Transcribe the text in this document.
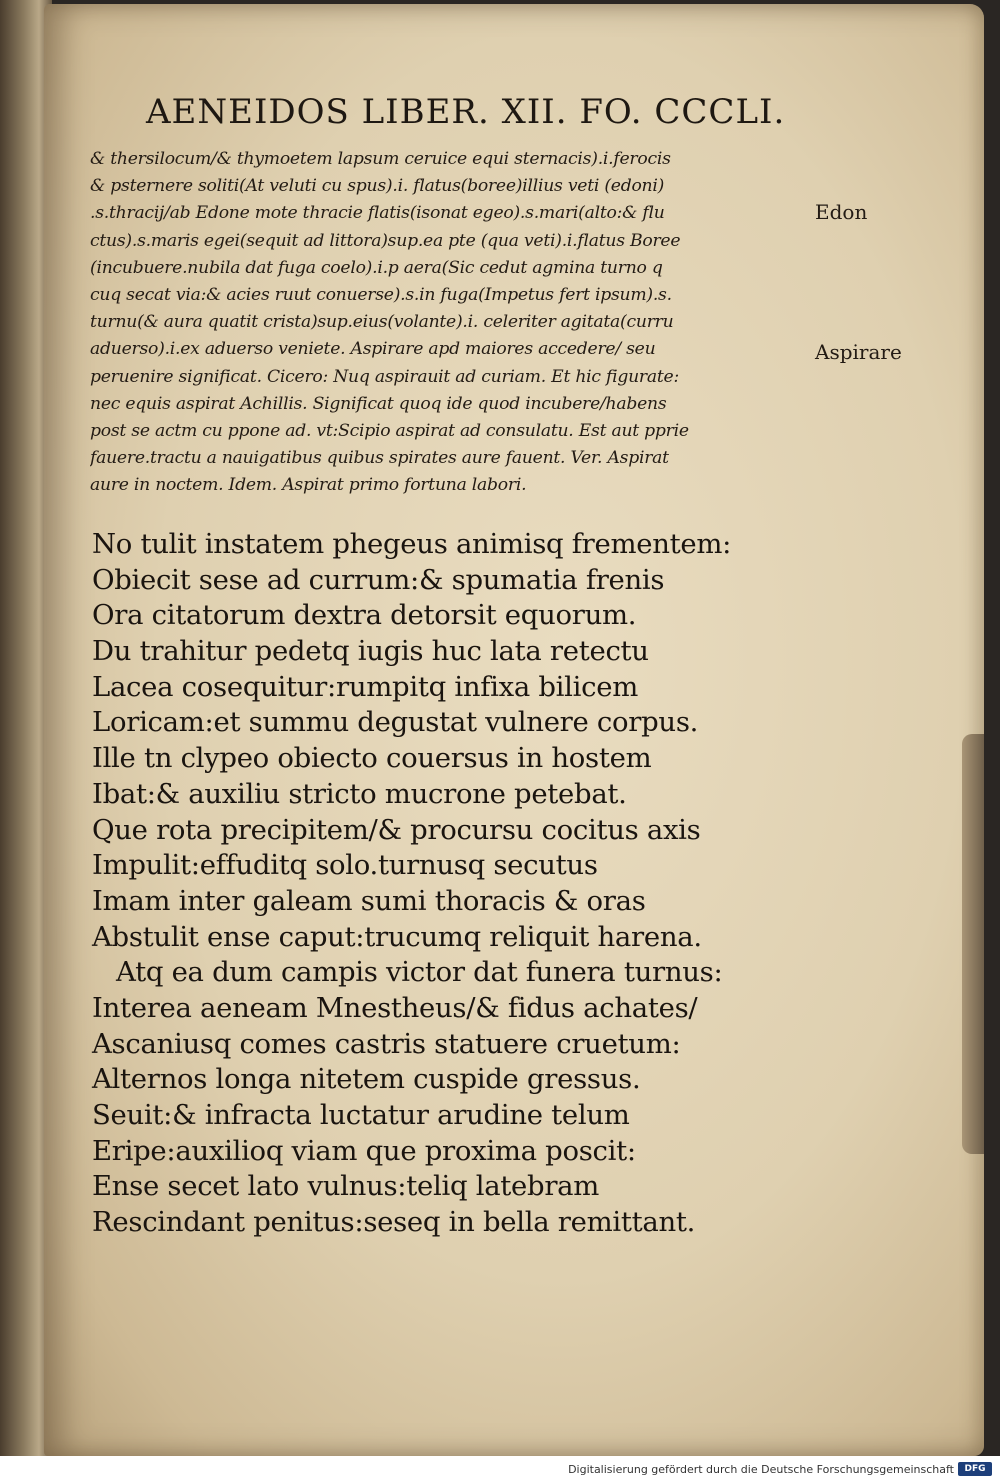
AENEIDOS LIBER. XII. FO. CCCLI.
& thersilocum/& thymoetem lapsum ceruice equi sternacis).i.ferocis
& psternere soliti(At veluti cu spus).i. flatus(boree)illius veti (edoni)
.s.thracij/ab Edone mote thracie flatis(isonat egeo).s.mari(alto:& flu
ctus).s.maris egei(sequit ad littora)sup.ea pte (qua veti).i.flatus Boree
(incubuere.nubila dat fuga coelo).i.p aera(Sic cedut agmina turno q
cuq secat via:& acies ruut conuerse).s.in fuga(Impetus fert ipsum).s.
turnu(& aura quatit crista)sup.eius(volante).i. celeriter agitata(curru
aduerso).i.ex aduerso veniete. Aspirare apd maiores accedere/ seu
peruenire significat. Cicero: Nuq aspirauit ad curiam. Et hic figurate:
nec equis aspirat Achillis. Significat quoq ide quod incubere/habens
post se actm cu ppone ad. vt:Scipio aspirat ad consulatu. Est aut pprie
fauere.tractu a nauigatibus quibus spirates aure fauent. Ver. Aspirat
aure in noctem. Idem. Aspirat primo fortuna labori.
Edon
Aspirare
No tulit instatem phegeus animisq frementem:
Obiecit sese ad currum:& spumatia frenis
Ora citatorum dextra detorsit equorum.
Du trahitur pedetq iugis huc lata retectu
Lacea cosequitur:rumpitq infixa bilicem
Loricam:et summu degustat vulnere corpus.
Ille tn clypeo obiecto couersus in hostem
Ibat:& auxiliu stricto mucrone petebat.
Que rota precipitem/& procursu cocitus axis
Impulit:effuditq solo.turnusq secutus
Imam inter galeam sumi thoracis & oras
Abstulit ense caput:trucumq reliquit harena.
Atq ea dum campis victor dat funera turnus:
Interea aeneam Mnestheus/& fidus achates/
Ascaniusq comes castris statuere cruetum:
Alternos longa nitetem cuspide gressus.
Seuit:& infracta luctatur arudine telum
Eripe:auxilioq viam que proxima poscit:
Ense secet lato vulnus:teliq latebram
Rescindant penitus:seseq in bella remittant.
Digitalisierung gefördert durch die Deutsche Forschungsgemeinschaft	DFG
